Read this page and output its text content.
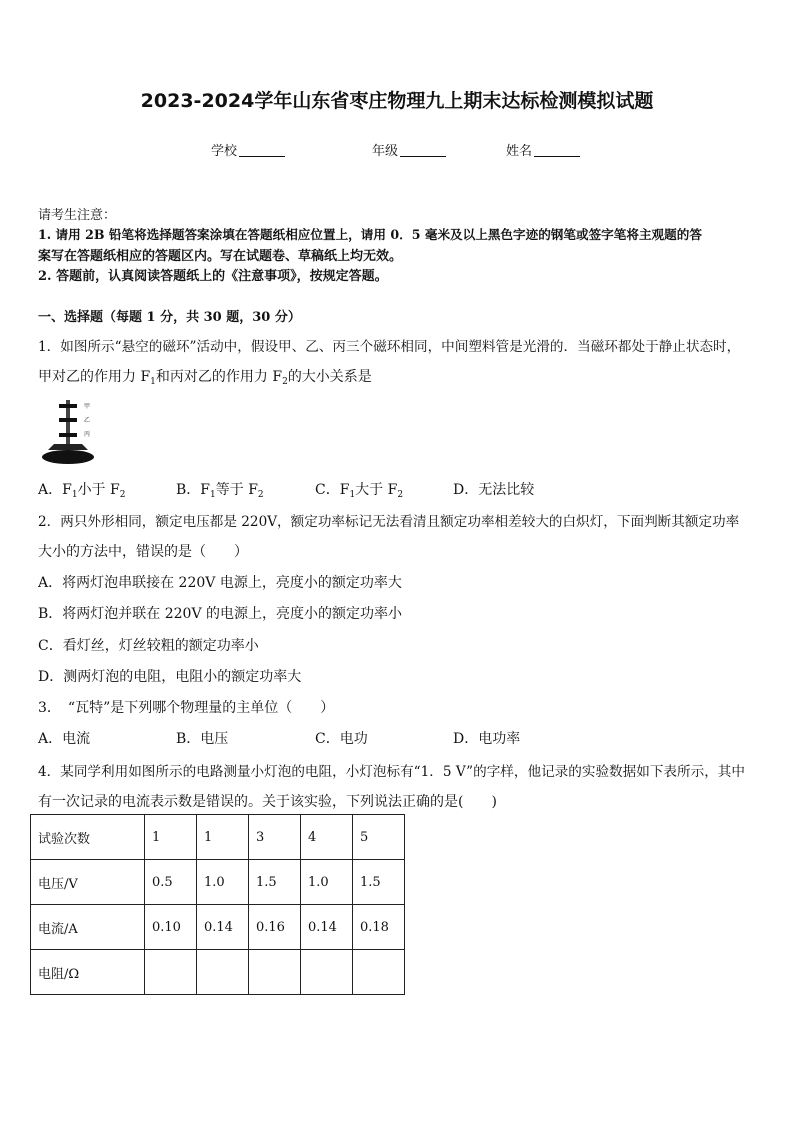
2023-2024学年山东省枣庄物理九上期末达标检测模拟试题
学校	年级	姓名
请考生注意：
1. 请用 2B 铅笔将选择题答案涂填在答题纸相应位置上，请用 0．5 毫米及以上黑色字迹的钢笔或签字笔将主观题的答
案写在答题纸相应的答题区内。写在试题卷、草稿纸上均无效。
2. 答题前，认真阅读答题纸上的《注意事项》，按规定答题。
一、选择题（每题 1 分，共 30 题，30 分）
1．如图所示“悬空的磁环”活动中，假设甲、乙、丙三个磁环相同，中间塑料管是光滑的．当磁环都处于静止状态时，
甲对乙的作用力 $F_1$和丙对乙的作用力 $F_2$的大小关系是
甲
乙
丙
A．$F_1$小于 $F_2$	B．$F_1$等于 $F_2$	C．$F_1$大于 $F_2$	D．无法比较
2．两只外形相同，额定电压都是 220V，额定功率标记无法看清且额定功率相差较大的白炽灯，下面判断其额定功率
大小的方法中，错误的是（　　）
A．将两灯泡串联接在 220V 电源上，亮度小的额定功率大
B．将两灯泡并联在 220V 的电源上，亮度小的额定功率小
C．看灯丝，灯丝较粗的额定功率小
D．测两灯泡的电阻，电阻小的额定功率大
3．　“瓦特”是下列哪个物理量的主单位（　　）
A．电流	B．电压	C．电功	D．电功率
4．某同学利用如图所示的电路测量小灯泡的电阻，小灯泡标有“1．5 V”的字样，他记录的实验数据如下表所示，其中
有一次记录的电流表示数是错误的。关于该实验，下列说法正确的是(　　)
试验次数	1	1	3	4	5
电压/V	0.5	1.0	1.5	1.0	1.5
电流/A	0.10	0.14	0.16	0.14	0.18
电阻/Ω					
